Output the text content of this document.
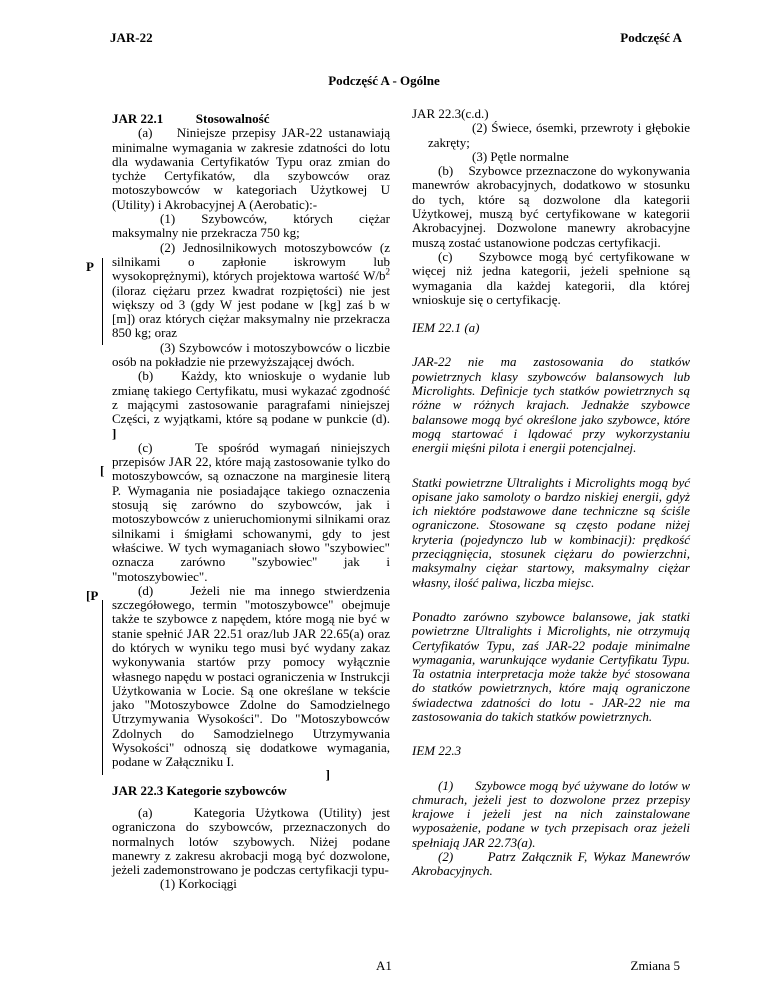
JAR-22	Podczęść A
Podczęść A - Ogólne
P
[
[P

JAR 22.1	Stosowalność

(a)    Niniejsze przepisy JAR-22 ustanawiają minimalne wymagania w zakresie zdatności do lotu dla wydawania Certyfikatów Typu oraz zmian do tychże Certyfikatów, dla szybowców oraz motoszybowców w kategoriach Użytkowej U (Utility) i Akrobacyjnej A (Aerobatic):-

(1) Szybowców, których ciężar maksymalny nie przekracza 750 kg;

(2) Jednosilnikowych motoszybowców (z silnikami o zapłonie iskrowym lub wysokoprężnymi), których projektowa wartość $W/b^2$ (iloraz ciężaru przez kwadrat rozpiętości) nie jest większy od 3 (gdy W jest podane w [kg] zaś b w [m]) oraz których ciężar maksymalny nie przekracza 850 kg; oraz

(3) Szybowców i motoszybowców o liczbie osób na pokładzie nie przewyższającej dwóch.

(b)    Każdy, kto wnioskuje o wydanie lub zmianę takiego Certyfikatu, musi wykazać zgodność z mającymi zastosowanie paragrafami niniejszej Części, z wyjątkami, które są podane w punkcie (d). ]

(c)    Te spośród wymagań niniejszych przepisów JAR 22, które mają zastosowanie tylko do motoszybowców, są oznaczone na marginesie literą P. Wymagania nie posiadające takiego oznaczenia stosują się zarówno do szybowców, jak i motoszybowców z unieruchomionymi silnikami oraz silnikami i śmigłami schowanymi, gdy to jest właściwe. W tych wymaganiach słowo "szybowiec" oznacza zarówno "szybowiec" jak i "motoszybowiec".

(d)    Jeżeli nie ma innego stwierdzenia szczegółowego, termin "motoszybowce" obejmuje także te szybowce z napędem, które mogą nie być w stanie spełnić JAR 22.51 oraz/lub JAR 22.65(a) oraz do których w wyniku tego musi być wydany zakaz wykonywania startów przy pomocy wyłącznie własnego napędu w postaci ograniczenia w Instrukcji Użytkowania w Locie. Są one określane w tekście jako "Motoszybowce Zdolne do Samodzielnego Utrzymywania Wysokości". Do "Motoszybowców Zdolnych do Samodzielnego Utrzymywania Wysokości" odnoszą się dodatkowe wymagania, podane w Załączniku I.

]

JAR 22.3 Kategorie szybowców

(a)    Kategoria Użytkowa (Utility) jest ograniczona do szybowców, przeznaczonych do normalnych lotów szybowych. Niżej podane manewry z zakresu akrobacji mogą być dozwolone, jeżeli zademonstrowano je podczas certyfikacji typu-

(1) Korkociągi

JAR 22.3(c.d.)

(2) Świece, ósemki, przewroty i głębokie zakręty;

(3) Pętle normalne

(b)    Szybowce przeznaczone do wykonywania manewrów akrobacyjnych, dodatkowo w stosunku do tych, które są dozwolone dla kategorii Użytkowej, muszą być certyfikowane w kategorii Akrobacyjnej. Dozwolone manewry akrobacyjne muszą zostać ustanowione podczas certyfikacji.

(c)    Szybowce mogą być certyfikowane w więcej niż jedna kategorii, jeżeli spełnione są wymagania dla każdej kategorii, dla której wnioskuje się o certyfikację.

IEM 22.1 (a)

JAR-22 nie ma zastosowania do statków powietrznych klasy szybowców balansowych lub Microlights. Definicje tych statków powietrznych są różne w różnych krajach. Jednakże szybowce balansowe mogą być określone jako szybowce, które mogą startować i lądować przy wykorzystaniu energii mięśni pilota i energii potencjalnej.

Statki powietrzne Ultralights i Microlights mogą być opisane jako samoloty o bardzo niskiej energii, gdyż ich niektóre podstawowe dane techniczne są ściśle ograniczone. Stosowane są często podane niżej kryteria (pojedynczo lub w kombinacji): prędkość przeciągnięcia, stosunek ciężaru do powierzchni, maksymalny ciężar startowy, maksymalny ciężar własny, ilość paliwa, liczba miejsc.

Ponadto zarówno szybowce balansowe, jak statki powietrzne Ultralights i Microlights, nie otrzymują Certyfikatów Typu, zaś JAR-22 podaje minimalne wymagania, warunkujące wydanie Certyfikatu Typu. Ta ostatnia interpretacja może także być stosowana do statków powietrznych, które mają ograniczone świadectwa zdatności do lotu - JAR-22 nie ma zastosowania do takich statków powietrznych.

IEM 22.3

(1)      Szybowce mogą być używane do lotów w chmurach, jeżeli jest to dozwolone przez przepisy krajowe i jeżeli jest na nich zainstalowane wyposażenie, podane w tych przepisach oraz jeżeli spełniają JAR 22.73(a).

(2)      Patrz Załącznik F, Wykaz Manewrów Akrobacyjnych.

A1	Zmiana 5
